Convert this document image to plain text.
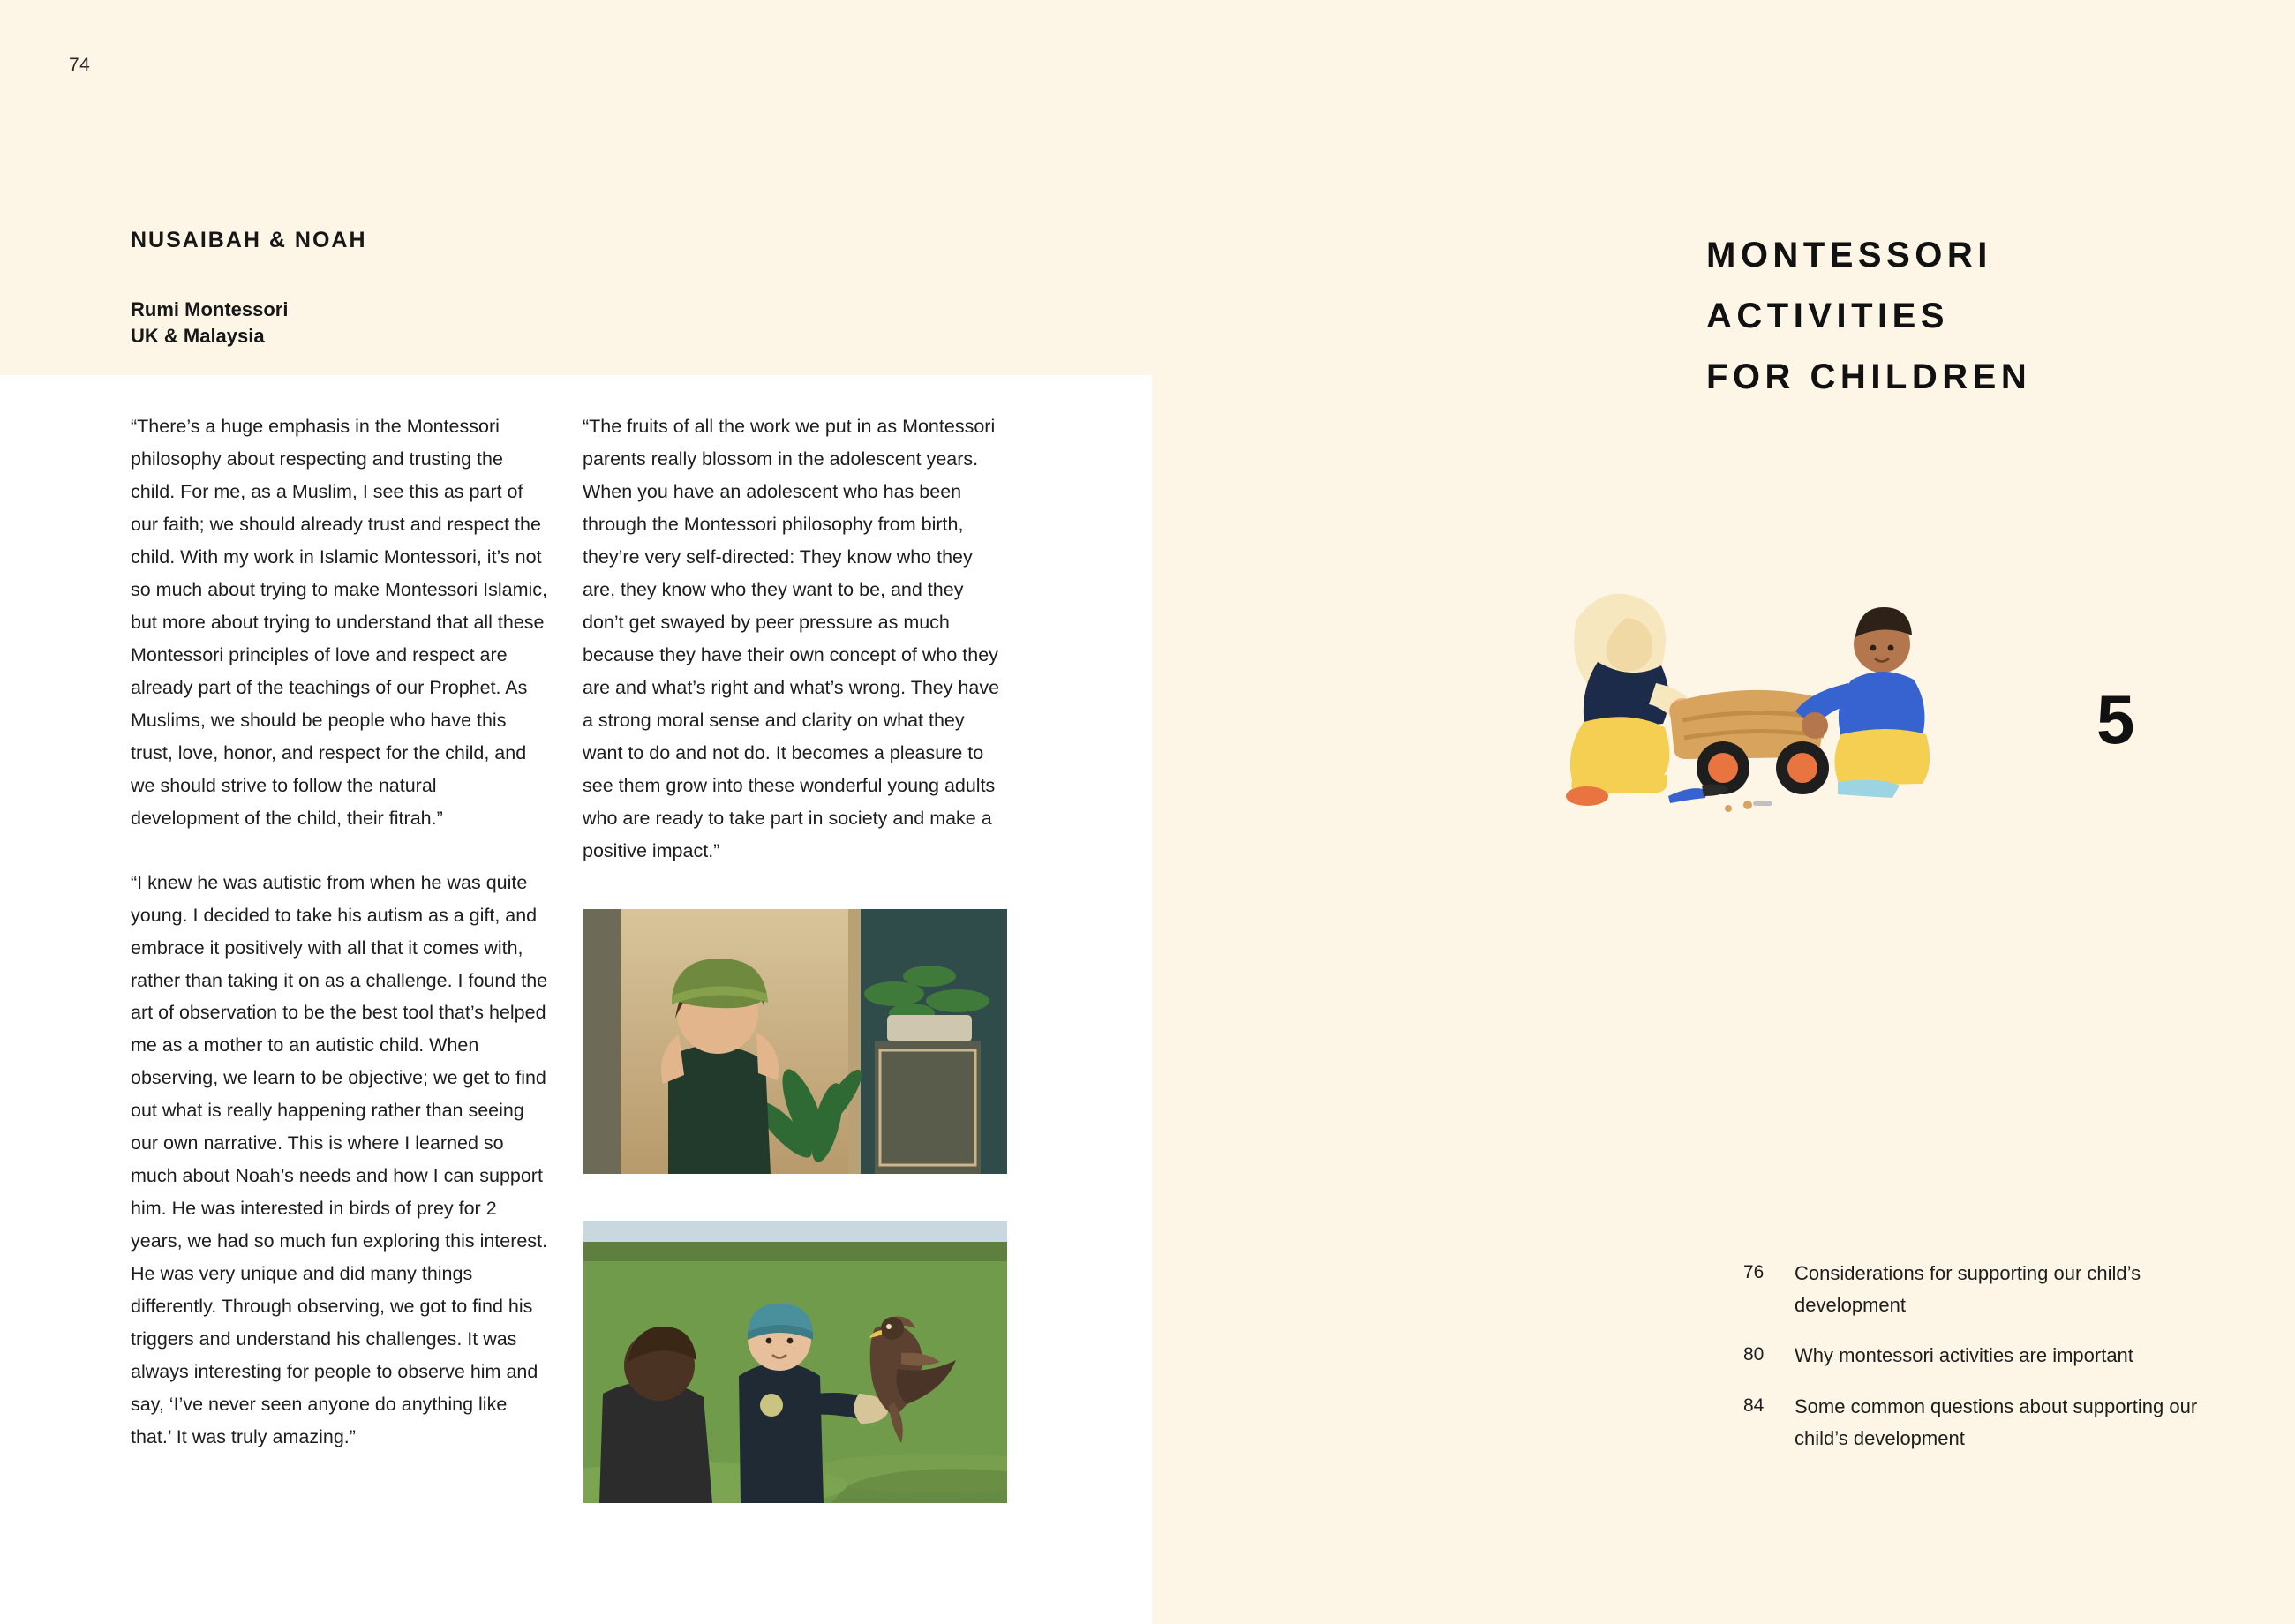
74
NUSAIBAH & NOAH
Rumi Montessori
UK & Malaysia

“There’s a huge emphasis in the Montessori philosophy about respecting and trusting the child. For me, as a Muslim, I see this as part of our faith; we should already trust and respect the child. With my work in Islamic Montessori, it’s not so much about trying to make Montessori Islamic, but more about trying to understand that all these Montessori principles of love and respect are already part of the teachings of our Prophet. As Muslims, we should be people who have this trust, love, honor, and respect for the child, and we should strive to follow the natural development of the child, their fitrah.”

“I knew he was autistic from when he was quite young. I decided to take his autism as a gift, and embrace it positively with all that it comes with, rather than taking it on as a challenge. I found the art of observation to be the best tool that’s helped me as a mother to an autistic child. When observing, we learn to be objective; we get to find out what is really happening rather than seeing our own narrative. This is where I learned so much about Noah’s needs and how I can support him. He was interested in birds of prey for 2 years, we had so much fun exploring this interest. He was very unique and did many things differently. Through observing, we got to find his triggers and understand his challenges. It was always interesting for people to observe him and say, ‘I’ve never seen anyone do anything like that.’ It was truly amazing.”

“The fruits of all the work we put in as Montessori parents really blossom in the adolescent years. When you have an adolescent who has been through the Montessori philosophy from birth, they’re very self-directed: They know who they are, they know who they want to be, and they don’t get swayed by peer pressure as much because they have their own concept of who they are and what’s right and what’s wrong. They have a strong moral sense and clarity on what they want to do and not do. It becomes a pleasure to see them grow into these wonderful young adults who are ready to take part in society and make a positive impact.”

MONTESSORI
ACTIVITIES
FOR CHILDREN
5
76	Considerations for supporting our child’s development
80	Why montessori activities are important
84	Some common questions about supporting our child’s development
